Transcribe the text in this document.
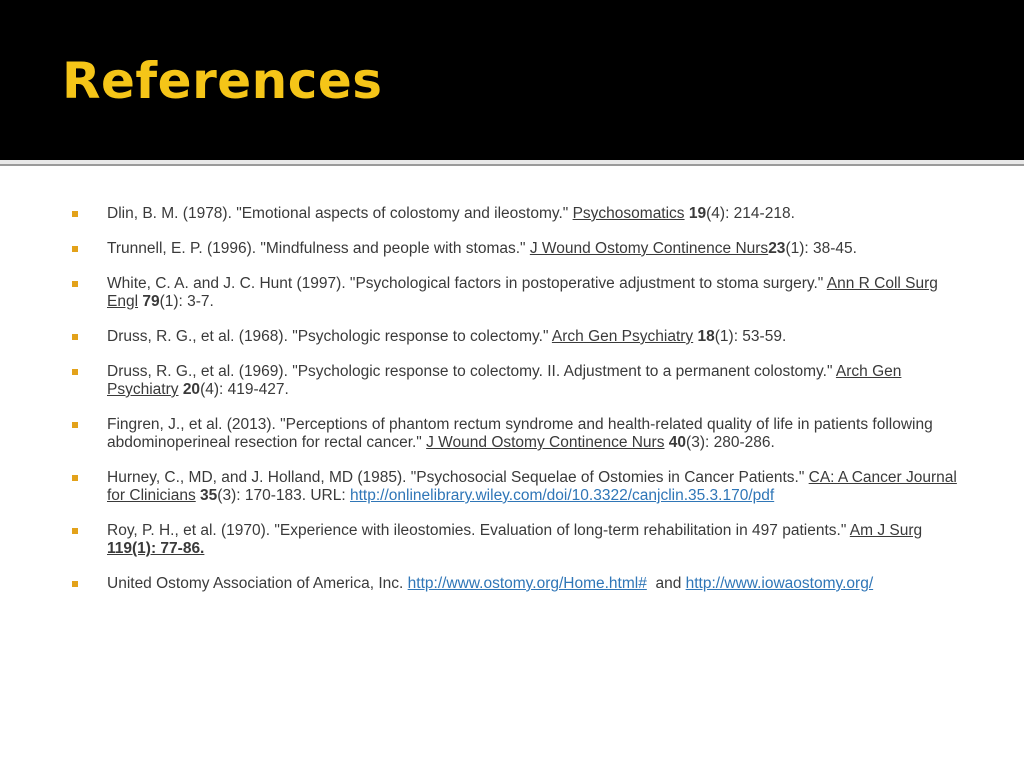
References
Dlin, B. M. (1978). "Emotional aspects of colostomy and ileostomy." Psychosomatics 19(4): 214-218.
Trunnell, E. P. (1996). "Mindfulness and people with stomas." J Wound Ostomy Continence Nurs23(1): 38-45.
White, C. A. and J. C. Hunt (1997). "Psychological factors in postoperative adjustment to stoma surgery." Ann R Coll Surg Engl 79(1): 3-7.
Druss, R. G., et al. (1968). "Psychologic response to colectomy." Arch Gen Psychiatry 18(1): 53-59.
Druss, R. G., et al. (1969). "Psychologic response to colectomy. II. Adjustment to a permanent colostomy." Arch Gen Psychiatry 20(4): 419-427.
Fingren, J., et al. (2013). "Perceptions of phantom rectum syndrome and health-related quality of life in patients following abdominoperineal resection for rectal cancer." J Wound Ostomy Continence Nurs 40(3): 280-286.
Hurney, C., MD, and J. Holland, MD (1985). "Psychosocial Sequelae of Ostomies in Cancer Patients." CA: A Cancer Journal for Clinicians 35(3): 170-183. URL: http://onlinelibrary.wiley.com/doi/10.3322/canjclin.35.3.170/pdf
Roy, P. H., et al. (1970). "Experience with ileostomies. Evaluation of long-term rehabilitation in 497 patients." Am J Surg 119(1): 77-86.
United Ostomy Association of America, Inc. http://www.ostomy.org/Home.html#  and http://www.iowaostomy.org/
